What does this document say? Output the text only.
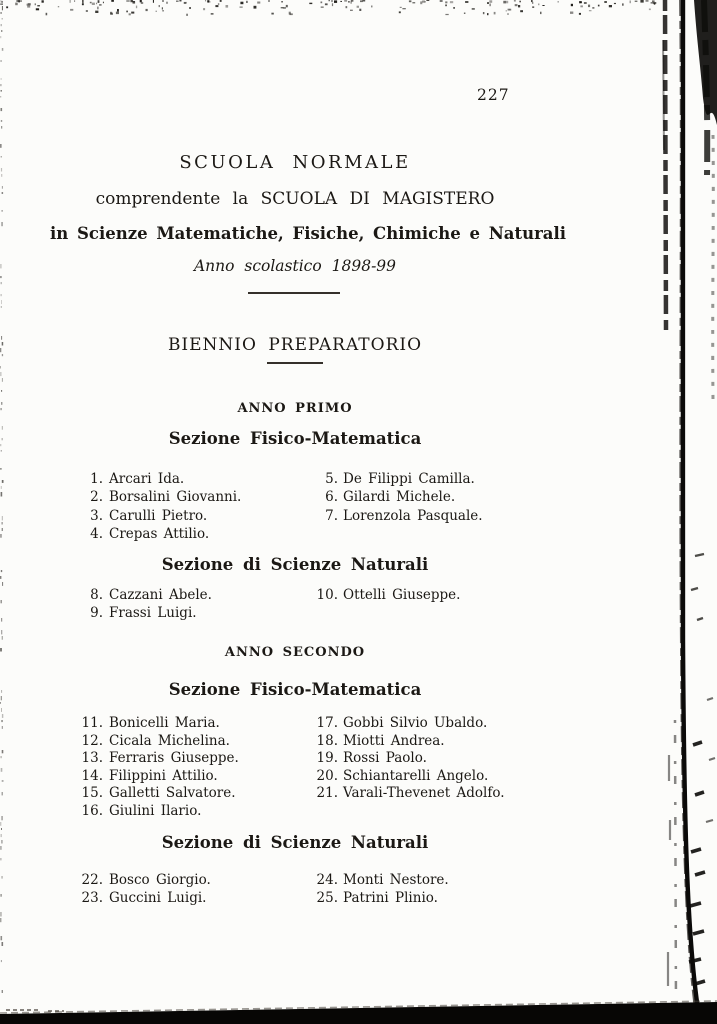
227
SCUOLA NORMALE
comprendente la SCUOLA DI MAGISTERO
in Scienze Matematiche, Fisiche, Chimiche e Naturali
Anno scolastico 1898-99
BIENNIO PREPARATORIO
ANNO PRIMO
Sezione Fisico-Matematica
1. Arcari Ida.
2. Borsalini Giovanni.
3. Carulli Pietro.
4. Crepas Attilio.
5. De Filippi Camilla.
6. Gilardi Michele.
7. Lorenzola Pasquale.
Sezione di Scienze Naturali
8. Cazzani Abele.
9. Frassi Luigi.
10. Ottelli Giuseppe.
ANNO SECONDO
Sezione Fisico-Matematica
11. Bonicelli Maria.
12. Cicala Michelina.
13. Ferraris Giuseppe.
14. Filippini Attilio.
15. Galletti Salvatore.
16. Giulini Ilario.
17. Gobbi Silvio Ubaldo.
18. Miotti Andrea.
19. Rossi Paolo.
20. Schiantarelli Angelo.
21. Varali-Thevenet Adolfo.
Sezione di Scienze Naturali
22. Bosco Giorgio.
23. Guccini Luigi.
24. Monti Nestore.
25. Patrini Plinio.
